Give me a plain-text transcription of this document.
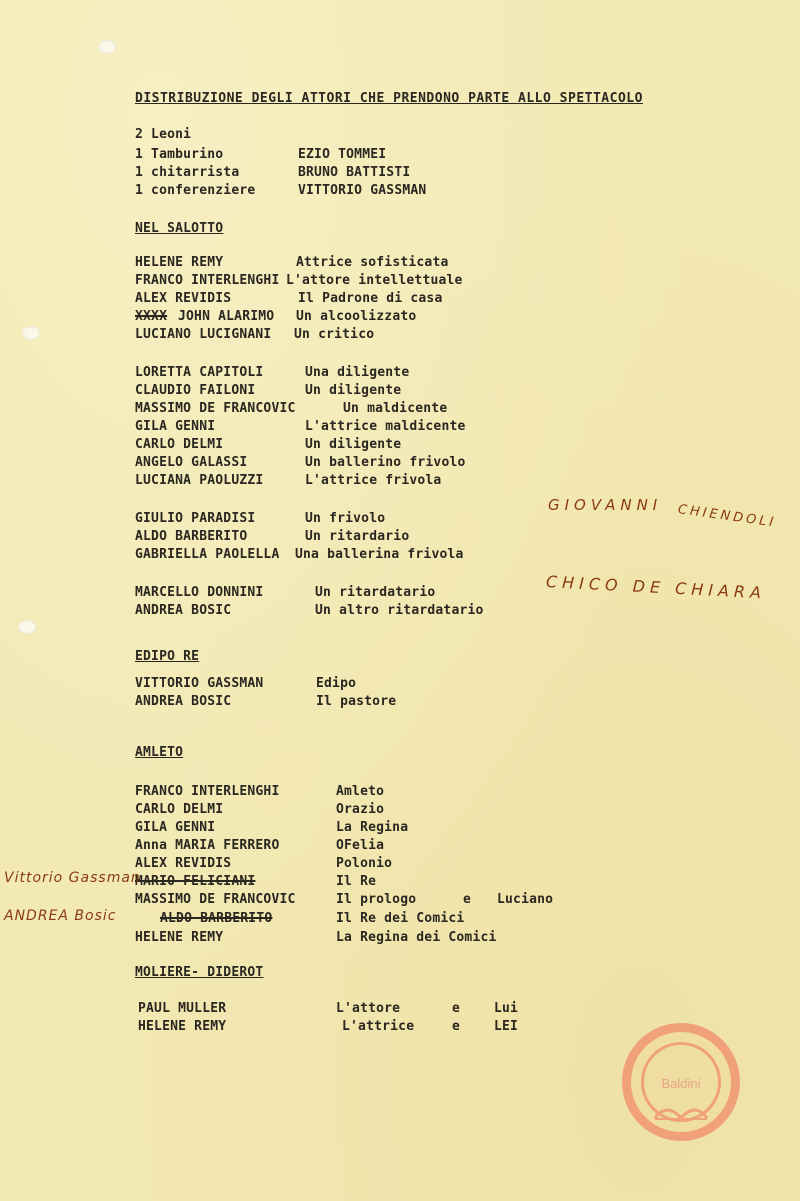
DISTRIBUZIONE DEGLI ATTORI CHE PRENDONO PARTE ALLO SPETTACOLO
2 Leoni
1 Tamburino	EZIO TOMMEI
1 chitarrista	BRUNO BATTISTI
1 conferenziere	VITTORIO GASSMAN
NEL SALOTTO
HELENE REMY	Attrice sofisticata
FRANCO INTERLENGHI L'attore intellettuale
ALEX REVIDIS	Il Padrone di casa
XXXX JOHN ALARIMO Un alcoolizzato
LUCIANO LUCIGNANI Un critico
LORETTA CAPITOLI	Una diligente
CLAUDIO FAILONI	Un diligente
MASSIMO DE FRANCOVIC	Un maldicente
GILA GENNI	L'attrice maldicente
CARLO DELMI	Un diligente
ANGELO GALASSI	Un ballerino frivolo
LUCIANA PAOLUZZI	L'attrice frivola
GIULIO PARADISI	Un frivolo
ALDO BARBERITO	Un ritardario
GABRIELLA PAOLELLA Una ballerina frivola
MARCELLO DONNINI	Un ritardatario
ANDREA BOSIC	Un altro ritardatario
EDIPO RE
VITTORIO GASSMAN	Edipo
ANDREA BOSIC	Il pastore
AMLETO
FRANCO INTERLENGHI	Amleto
CARLO DELMI	Orazio
GILA GENNI	La Regina
Anna MARIA FERRERO	OFelia
ALEX REVIDIS	Polonio
MARIO FELICIANI	Il Re
MASSIMO DE FRANCOVIC	Il prologo	e Luciano
ALDO BARBERITO	Il Re dei Comici
HELENE REMY	La Regina dei Comici
MOLIERE- DIDEROT
PAUL MULLER	L'attore	e	Lui
HELENE REMY	L'attrice	e	LEI
GIOVANNI CHIENDOLI
CHICO DE CHIARA
Vittorio Gassman
ANDREA Bosic
Baldini
